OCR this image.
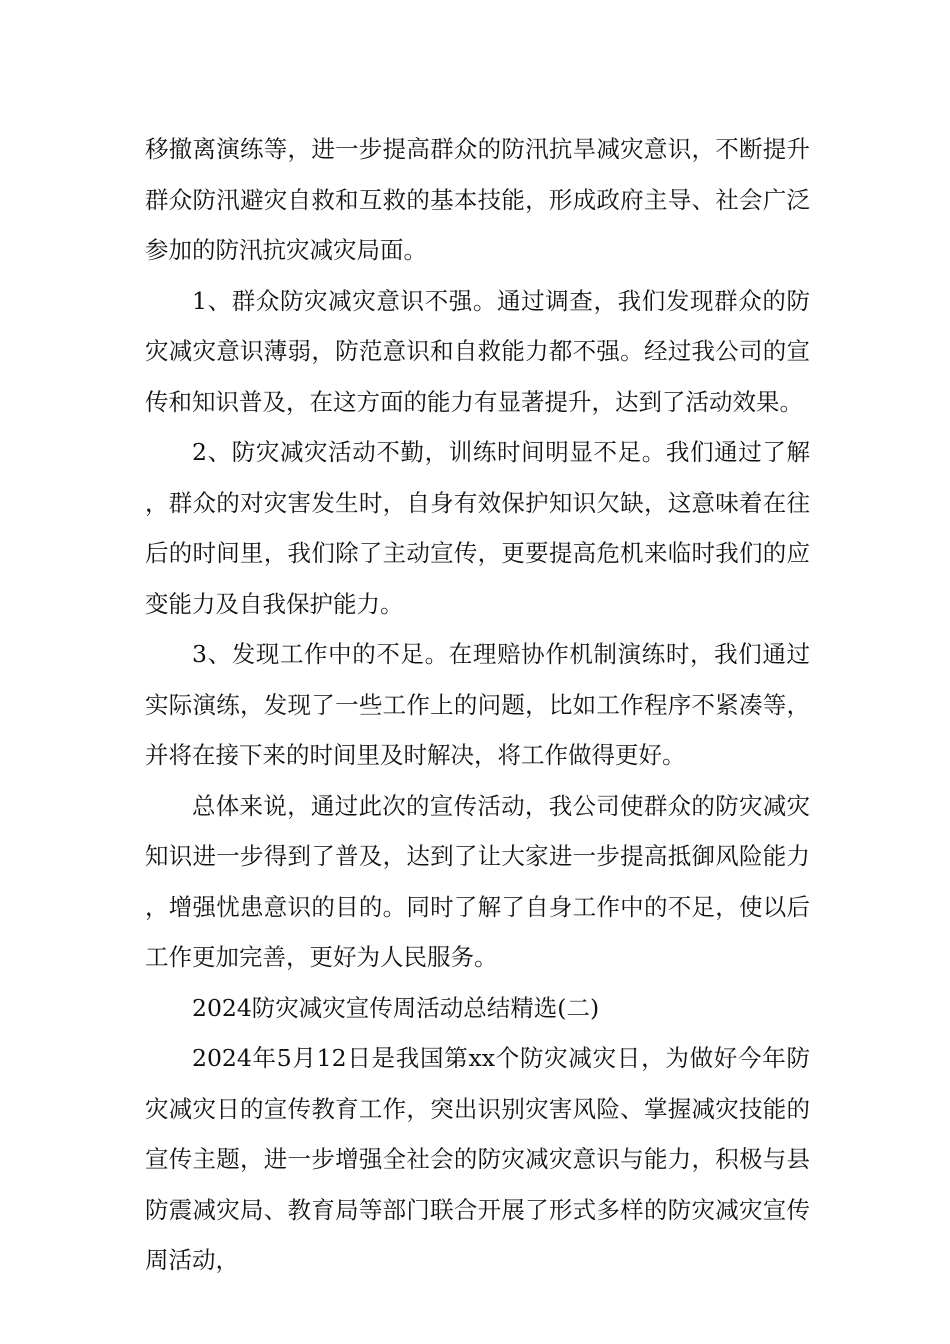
移撤离演练等，进一步提高群众的防汛抗旱减灾意识，不断提升群众防汛避灾自救和互救的基本技能，形成政府主导、社会广泛参加的防汛抗灾减灾局面。

1、群众防灾减灾意识不强。通过调查，我们发现群众的防灾减灾意识薄弱，防范意识和自救能力都不强。经过我公司的宣传和知识普及，在这方面的能力有显著提升，达到了活动效果。

2、防灾减灾活动不勤，训练时间明显不足。我们通过了解，群众的对灾害发生时，自身有效保护知识欠缺，这意味着在往后的时间里，我们除了主动宣传，更要提高危机来临时我们的应变能力及自我保护能力。

3、发现工作中的不足。在理赔协作机制演练时，我们通过实际演练，发现了一些工作上的问题，比如工作程序不紧凑等，并将在接下来的时间里及时解决，将工作做得更好。

总体来说，通过此次的宣传活动，我公司使群众的防灾减灾知识进一步得到了普及，达到了让大家进一步提高抵御风险能力，增强忧患意识的目的。同时了解了自身工作中的不足，使以后工作更加完善，更好为人民服务。

2024防灾减灾宣传周活动总结精选(二)

2024年5月12日是我国第xx个防灾减灾日，为做好今年防灾减灾日的宣传教育工作，突出识别灾害风险、掌握减灾技能的宣传主题，进一步增强全社会的防灾减灾意识与能力，积极与县防震减灾局、教育局等部门联合开展了形式多样的防灾减灾宣传周活动，
